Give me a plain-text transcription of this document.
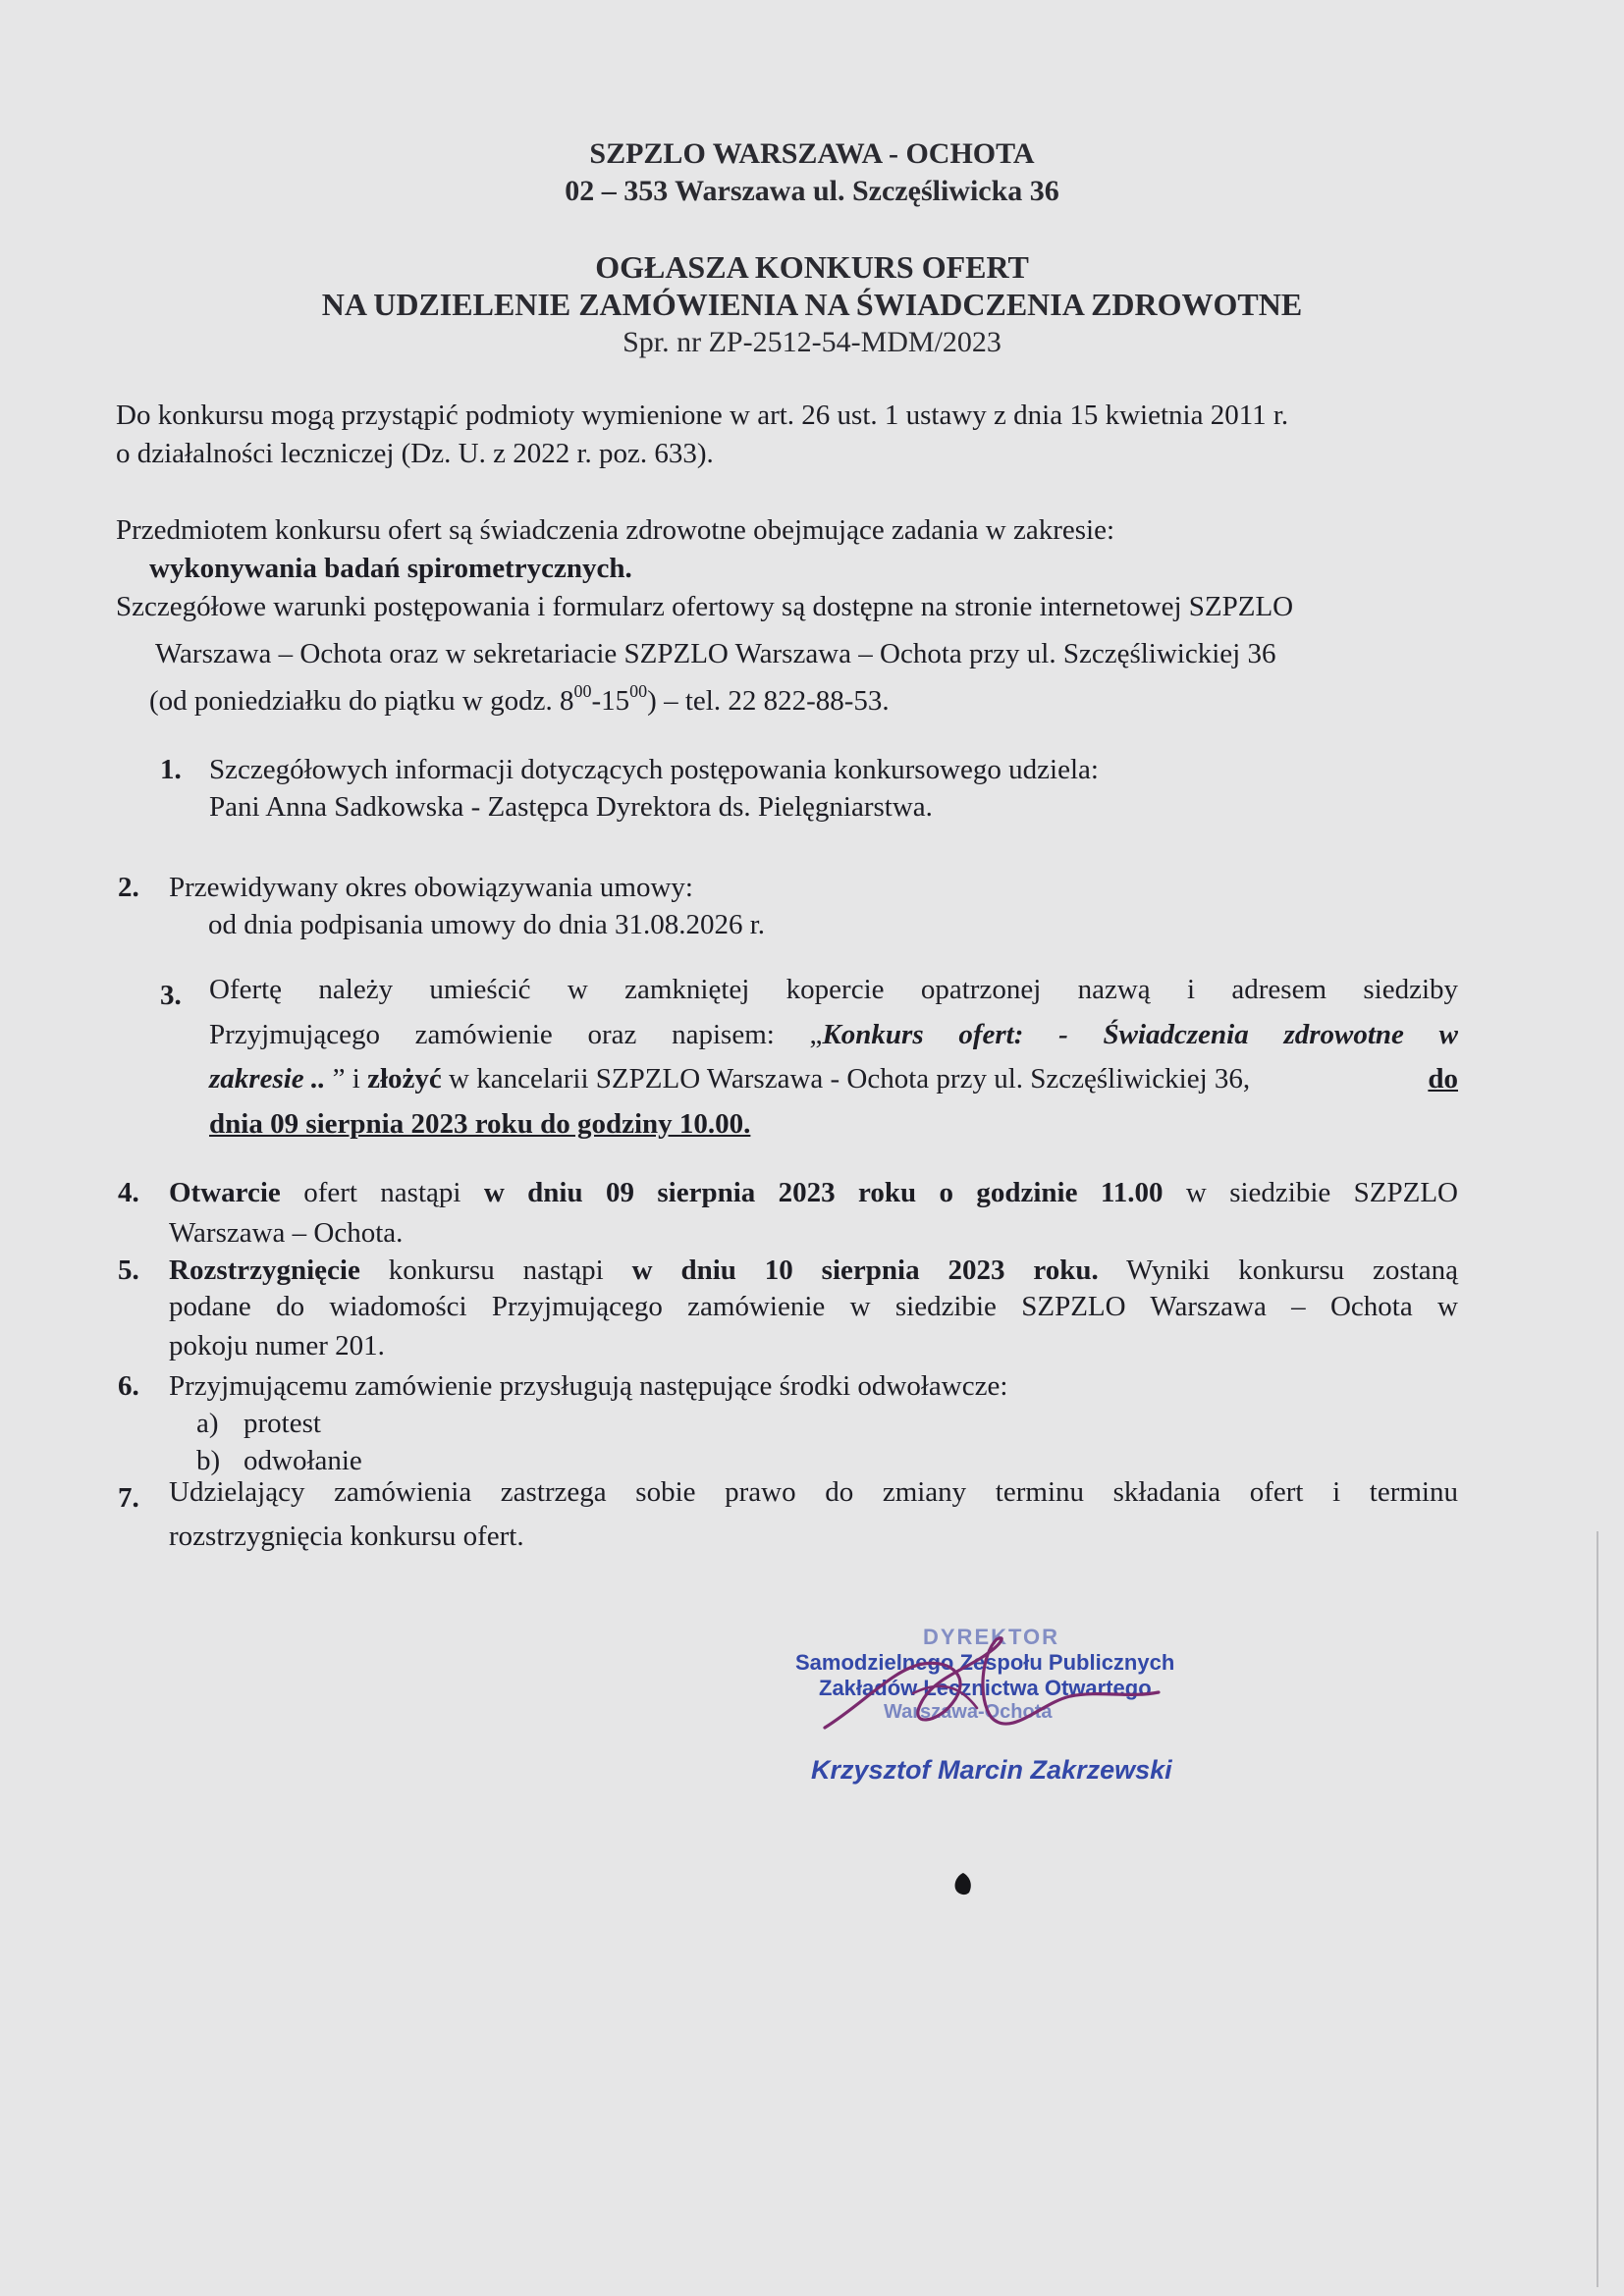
SZPZLO WARSZAWA - OCHOTA
02 – 353 Warszawa ul. Szczęśliwicka 36
OGŁASZA KONKURS OFERT
NA UDZIELENIE ZAMÓWIENIA NA ŚWIADCZENIA ZDROWOTNE
Spr. nr ZP-2512-54-MDM/2023
Do konkursu mogą przystąpić podmioty wymienione w art. 26 ust. 1 ustawy z dnia 15 kwietnia 2011 r.
o działalności leczniczej (Dz. U. z 2022 r. poz. 633).
Przedmiotem konkursu ofert są świadczenia zdrowotne obejmujące zadania w zakresie:
wykonywania badań spirometrycznych.
Szczegółowe warunki postępowania i formularz ofertowy są dostępne na stronie internetowej SZPZLO
Warszawa – Ochota oraz w sekretariacie SZPZLO Warszawa – Ochota przy ul. Szczęśliwickiej 36
(od poniedziałku do piątku w godz. $8^{00}-15^{00}$) – tel. 22 822-88-53.
1. Szczegółowych informacji dotyczących postępowania konkursowego udziela:
Pani Anna Sadkowska - Zastępca Dyrektora ds. Pielęgniarstwa.
2. Przewidywany okres obowiązywania umowy:
od dnia podpisania umowy do dnia 31.08.2026 r.
3. Ofertę należy umieścić w zamkniętej kopercie opatrzonej nazwą i adresem siedziby
Przyjmującego zamówienie oraz napisem: „Konkurs ofert: - Świadczenia zdrowotne w
zakresie .. ” i złożyć w kancelarii SZPZLO Warszawa - Ochota przy ul. Szczęśliwickiej 36,	do
dnia 09 sierpnia 2023 roku do godziny 10.00.
4. Otwarcie ofert nastąpi w dniu 09 sierpnia 2023 roku o godzinie 11.00 w siedzibie SZPZLO
Warszawa – Ochota.
5. Rozstrzygnięcie konkursu nastąpi w dniu 10 sierpnia 2023 roku. Wyniki konkursu zostaną
podane do wiadomości Przyjmującego zamówienie w siedzibie SZPZLO Warszawa – Ochota w
pokoju numer 201.
6. Przyjmującemu zamówienie przysługują następujące środki odwoławcze:
a) protest
b) odwołanie
7. Udzielający zamówienia zastrzega sobie prawo do zmiany terminu składania ofert i terminu
rozstrzygnięcia konkursu ofert.
DYREKTOR
Samodzielnego Zespołu Publicznych
Zakładów Lecznictwa Otwartego
Warszawa-Ochota
Krzysztof Marcin Zakrzewski
